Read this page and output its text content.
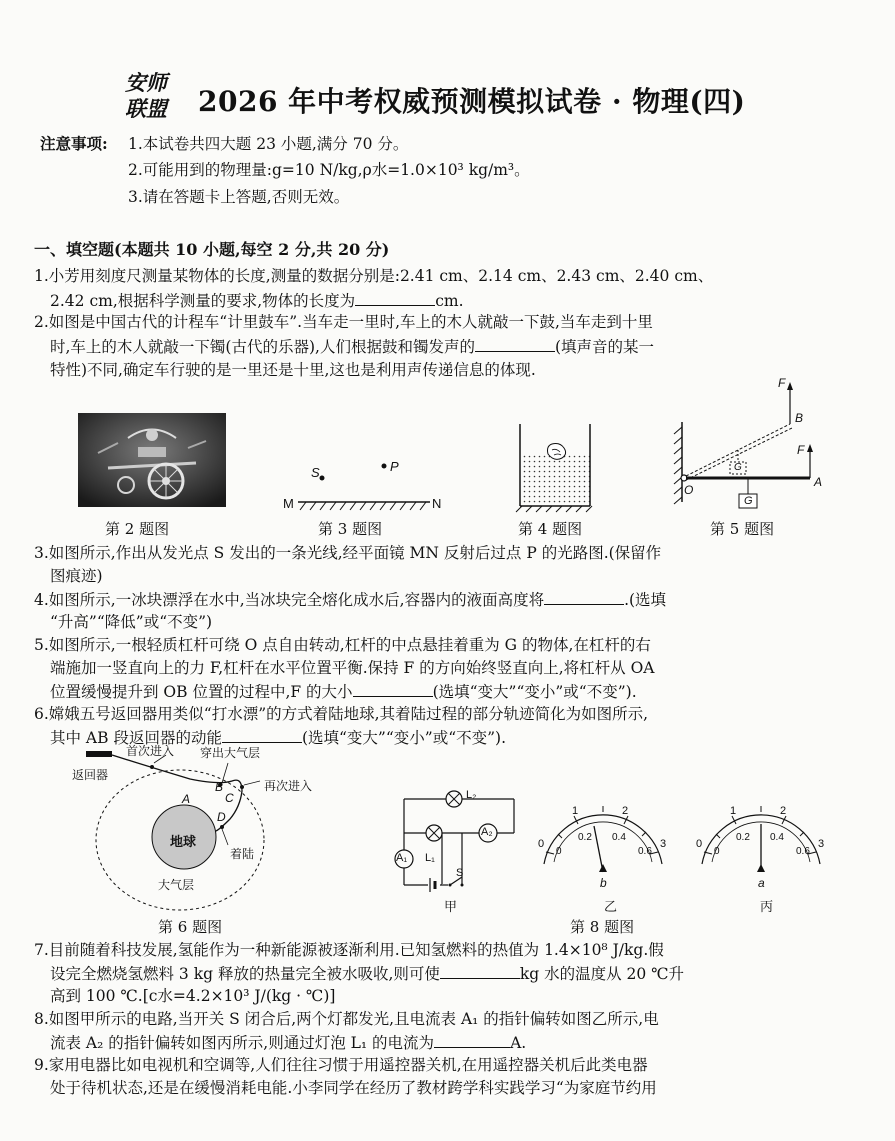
安师
联盟	2026 年中考权威预测模拟试卷 · 物理(四)
注意事项: 1.本试卷共四大题 23 小题,满分 70 分。
2.可能用到的物理量:g=10 N/kg,ρ水=1.0×10³ kg/m³。
3.请在答题卡上答题,否则无效。
一、填空题(本题共 10 小题,每空 2 分,共 20 分)
1.小芳用刻度尺测量某物体的长度,测量的数据分别是:2.41 cm、2.14 cm、2.43 cm、2.40 cm、
2.42 cm,根据科学测量的要求,物体的长度为	cm.
2.如图是中国古代的计程车“计里鼓车”.当车走一里时,车上的木人就敲一下鼓,当车走到十里
时,车上的木人就敲一下镯(古代的乐器),人们根据鼓和镯发声的	(填声音的某一
特性)不同,确定车行驶的是一里还是十里,这也是利用声传递信息的体现.
S	P
M	N
F
B
F
A
O
G
G
第 2 题图	第 3 题图	第 4 题图	第 5 题图
3.如图所示,作出从发光点 S 发出的一条光线,经平面镜 MN 反射后过点 P 的光路图.(保留作
图痕迹)
4.如图所示,一冰块漂浮在水中,当冰块完全熔化成水后,容器内的液面高度将	.(选填
“升高”“降低”或“不变”)
5.如图所示,一根轻质杠杆可绕 O 点自由转动,杠杆的中点悬挂着重为 G 的物体,在杠杆的右
端施加一竖直向上的力 F,杠杆在水平位置平衡.保持 F 的方向始终竖直向上,将杠杆从 OA
位置缓慢提升到 OB 位置的过程中,F 的大小	(选填“变大”“变小”或“不变”).
6.嫦娥五号返回器用类似“打水漂”的方式着陆地球,其着陆过程的部分轨迹简化为如图所示,
其中 AB 段返回器的动能	(选填“变大”“变小”或“不变”).
首次进入 穿出大气层
返回器
再次进入
A
B
C
D
地球
着陆
大气层
L₂
A₂
L₁
A₁
S
甲
0
1	2
3
0
0.2 0.4
0.6
b
乙
0
1	2
3
0
0.2 0.4
0.6
a
丙
第 6 题图	第 8 题图
7.目前随着科技发展,氢能作为一种新能源被逐渐利用.已知氢燃料的热值为 1.4×10⁸ J/kg.假
设完全燃烧氢燃料 3 kg 释放的热量完全被水吸收,则可使	kg 水的温度从 20 ℃升
高到 100 ℃.[c水=4.2×10³ J/(kg · ℃)]
8.如图甲所示的电路,当开关 S 闭合后,两个灯都发光,且电流表 A₁ 的指针偏转如图乙所示,电
流表 A₂ 的指针偏转如图丙所示,则通过灯泡 L₁ 的电流为	A.
9.家用电器比如电视机和空调等,人们往往习惯于用遥控器关机,在用遥控器关机后此类电器
处于待机状态,还是在缓慢消耗电能.小李同学在经历了教材跨学科实践学习“为家庭节约用
